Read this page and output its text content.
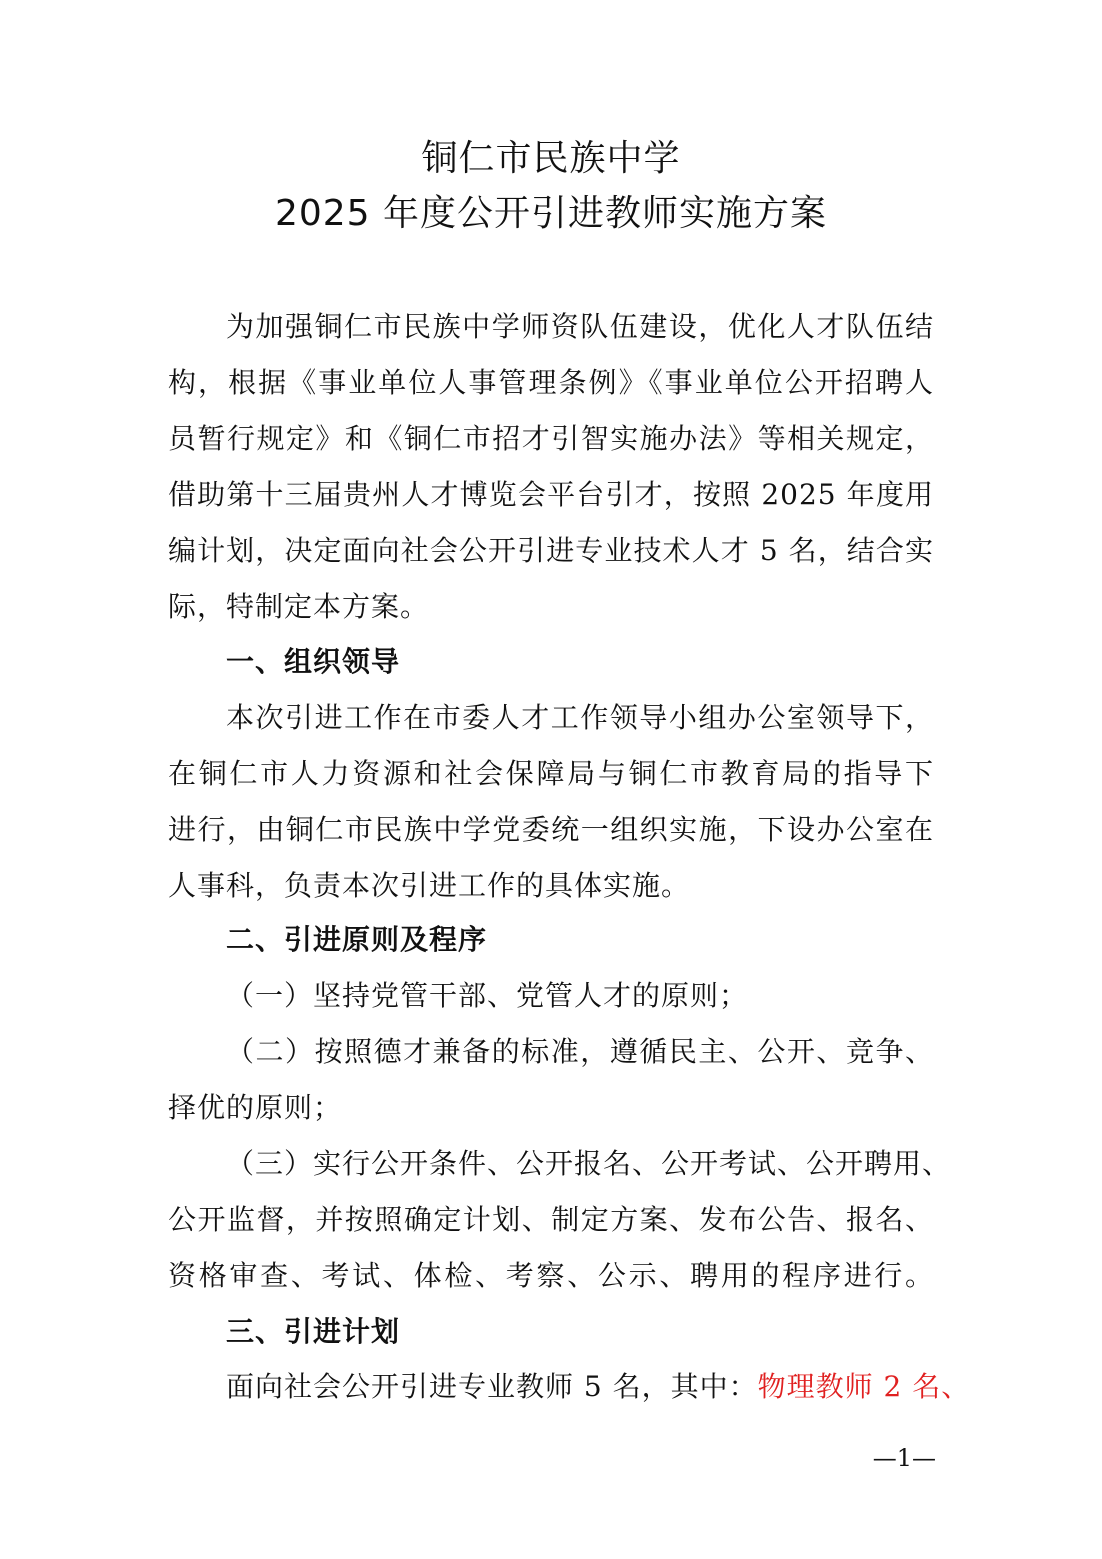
铜仁市民族中学
2025 年度公开引进教师实施方案
为加强铜仁市民族中学师资队伍建设，优化人才队伍结
构，根据《事业单位人事管理条例》《事业单位公开招聘人
员暂行规定》和《铜仁市招才引智实施办法》等相关规定，
借助第十三届贵州人才博览会平台引才，按照 2025 年度用
编计划，决定面向社会公开引进专业技术人才 5 名，结合实
际，特制定本方案。
一、组织领导
本次引进工作在市委人才工作领导小组办公室领导下，
在铜仁市人力资源和社会保障局与铜仁市教育局的指导下
进行，由铜仁市民族中学党委统一组织实施，下设办公室在
人事科，负责本次引进工作的具体实施。
二、引进原则及程序
（一）坚持党管干部、党管人才的原则；
（二）按照德才兼备的标准，遵循民主、公开、竞争、
择优的原则；
（三）实行公开条件、公开报名、公开考试、公开聘用、
公开监督，并按照确定计划、制定方案、发布公告、报名、
资格审查、考试、体检、考察、公示、聘用的程序进行。
三、引进计划
面向社会公开引进专业教师 5 名，其中：物理教师 2 名、
—1—
